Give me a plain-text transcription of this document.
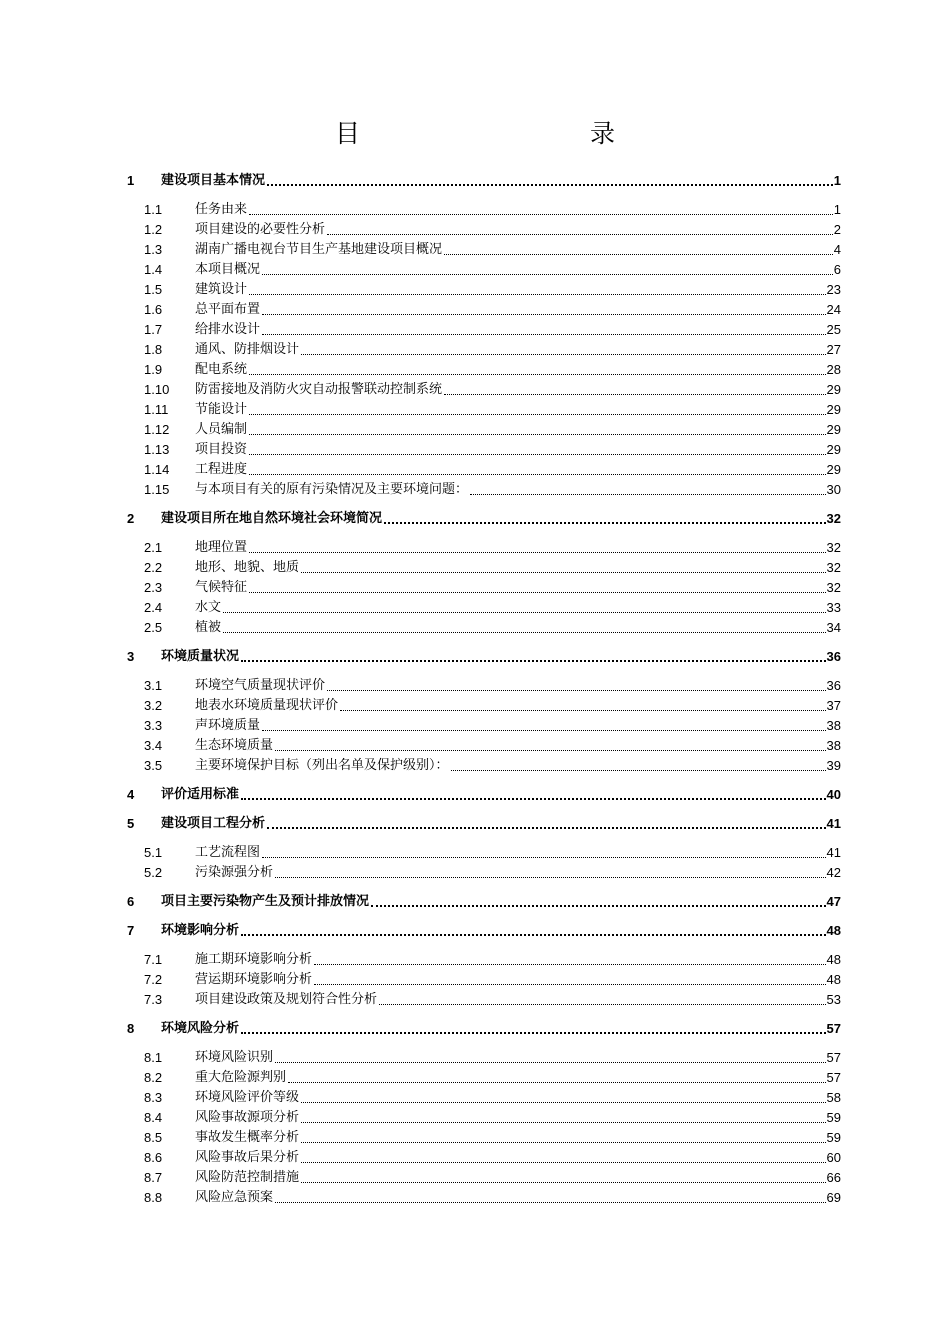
目　　录
1	建设项目基本情况	1
1.1	任务由来	1
1.2	项目建设的必要性分析	2
1.3	湖南广播电视台节目生产基地建设项目概况	4
1.4	本项目概况	6
1.5	建筑设计	23
1.6	总平面布置	24
1.7	给排水设计	25
1.8	通风、防排烟设计	27
1.9	配电系统	28
1.10	防雷接地及消防火灾自动报警联动控制系统	29
1.11	节能设计	29
1.12	人员编制	29
1.13	项目投资	29
1.14	工程进度	29
1.15	与本项目有关的原有污染情况及主要环境问题：	30
2	建设项目所在地自然环境社会环境简况	32
2.1	地理位置	32
2.2	地形、地貌、地质	32
2.3	气候特征	32
2.4	水文	33
2.5	植被	34
3	环境质量状况	36
3.1	环境空气质量现状评价	36
3.2	地表水环境质量现状评价	37
3.3	声环境质量	38
3.4	生态环境质量	38
3.5	主要环境保护目标（列出名单及保护级别）：	39
4	评价适用标准	40
5	建设项目工程分析	41
5.1	工艺流程图	41
5.2	污染源强分析	42
6	项目主要污染物产生及预计排放情况	47
7	环境影响分析	48
7.1	施工期环境影响分析	48
7.2	营运期环境影响分析	48
7.3	项目建设政策及规划符合性分析	53
8	环境风险分析	57
8.1	环境风险识别	57
8.2	重大危险源判别	57
8.3	环境风险评价等级	58
8.4	风险事故源项分析	59
8.5	事故发生概率分析	59
8.6	风险事故后果分析	60
8.7	风险防范控制措施	66
8.8	风险应急预案	69
